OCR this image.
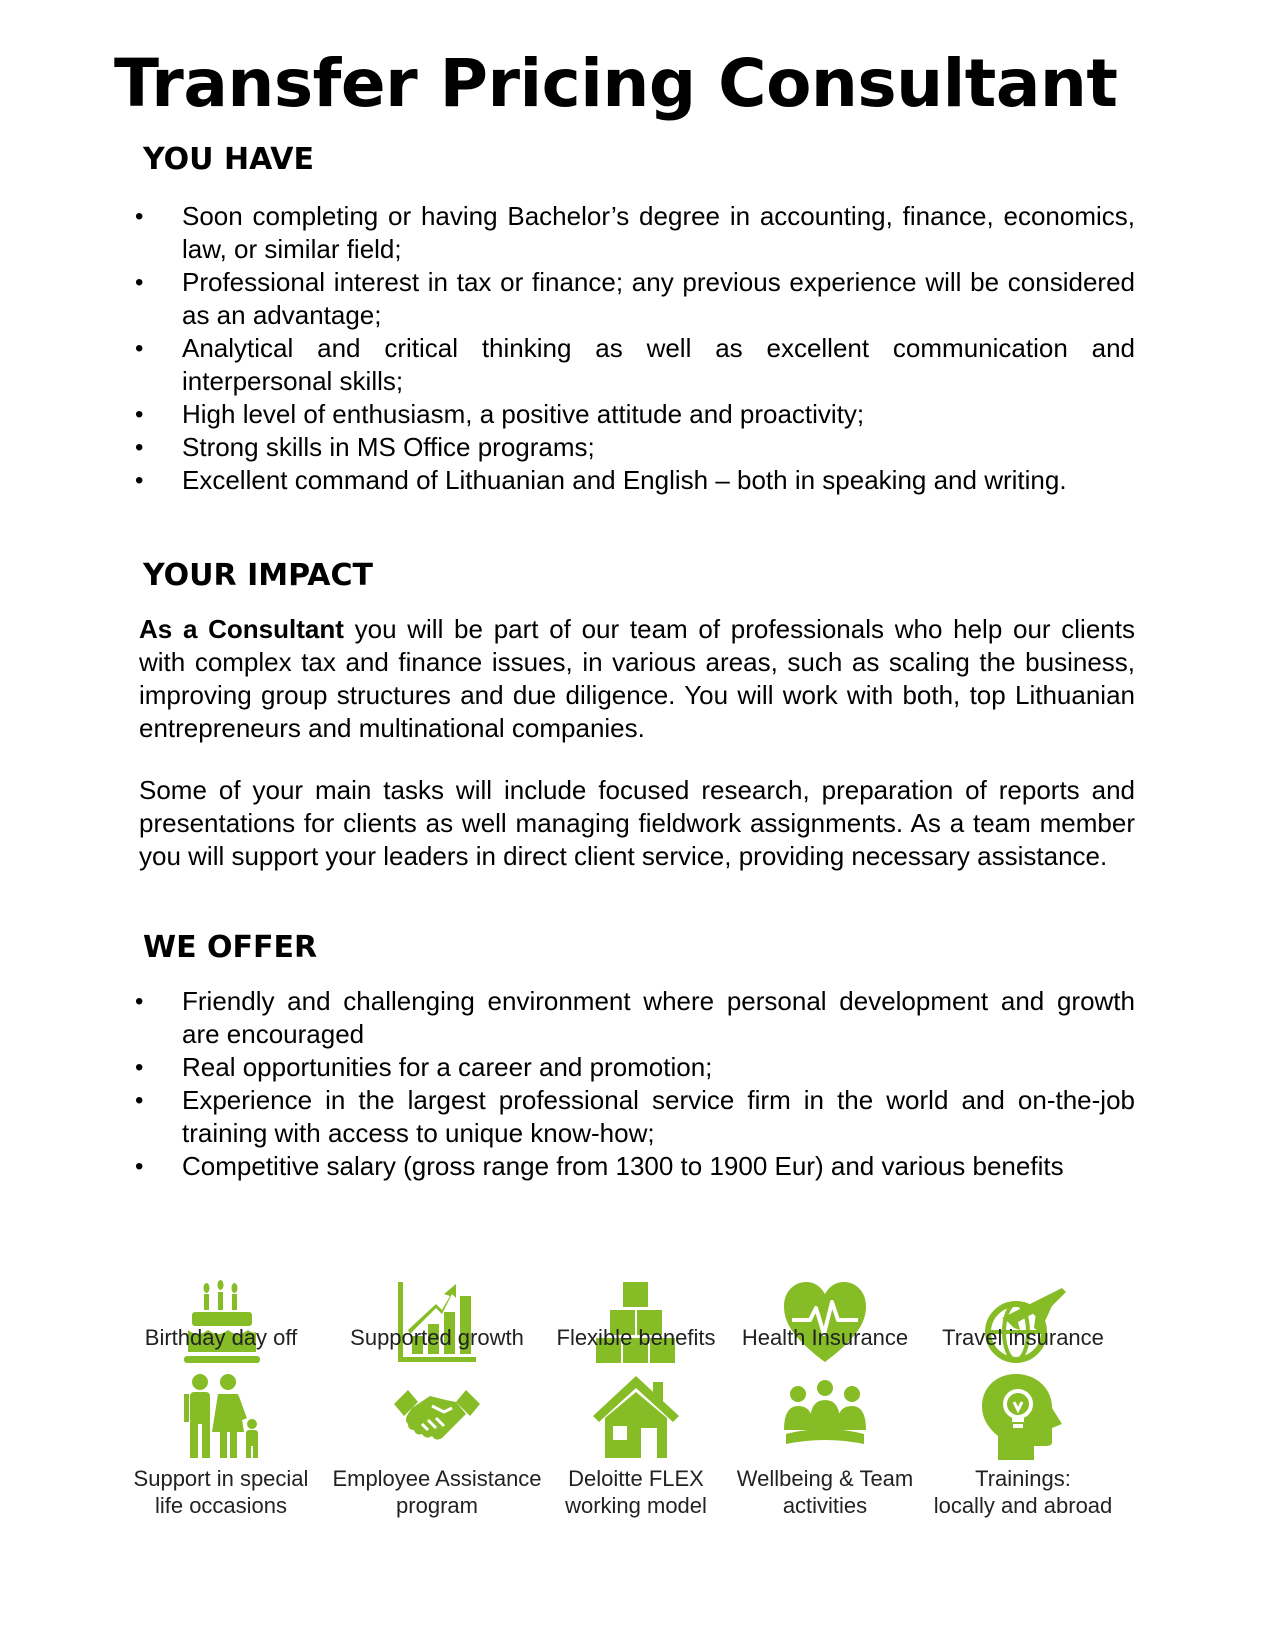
Transfer Pricing Consultant
YOU HAVE
• Soon completing or having Bachelor’s degree in accounting, finance, economics, law, or similar field;
• Professional interest in tax or finance; any previous experience will be considered as an advantage;
• Analytical and critical thinking as well as excellent communication and interpersonal skills;
• High level of enthusiasm, a positive attitude and proactivity;
• Strong skills in MS Office programs;
• Excellent command of Lithuanian and English – both in speaking and writing.
YOUR IMPACT

As a Consultant you will be part of our team of professionals who help our clients with complex tax and finance issues, in various areas, such as scaling the business, improving group structures and due diligence. You will work with both, top Lithuanian entrepreneurs and multinational companies.

Some of your main tasks will include focused research, preparation of reports and presentations for clients as well managing fieldwork assignments. As a team member you will support your leaders in direct client service, providing necessary assistance.

WE OFFER
• Friendly and challenging environment where personal development and growth are encouraged
• Real opportunities for a career and promotion;
• Experience in the largest professional service firm in the world and on-the-job training with access to unique know-how;
• Competitive salary (gross range from 1300 to 1900 Eur) and various benefits
Birthday day off	Supported growth	Flexible benefits	Health Insurance	Travel insurance
Support in special
life occasions
Employee Assistance
program
Deloitte FLEX
working model
Wellbeing & Team
activities
Trainings:
locally and abroad
